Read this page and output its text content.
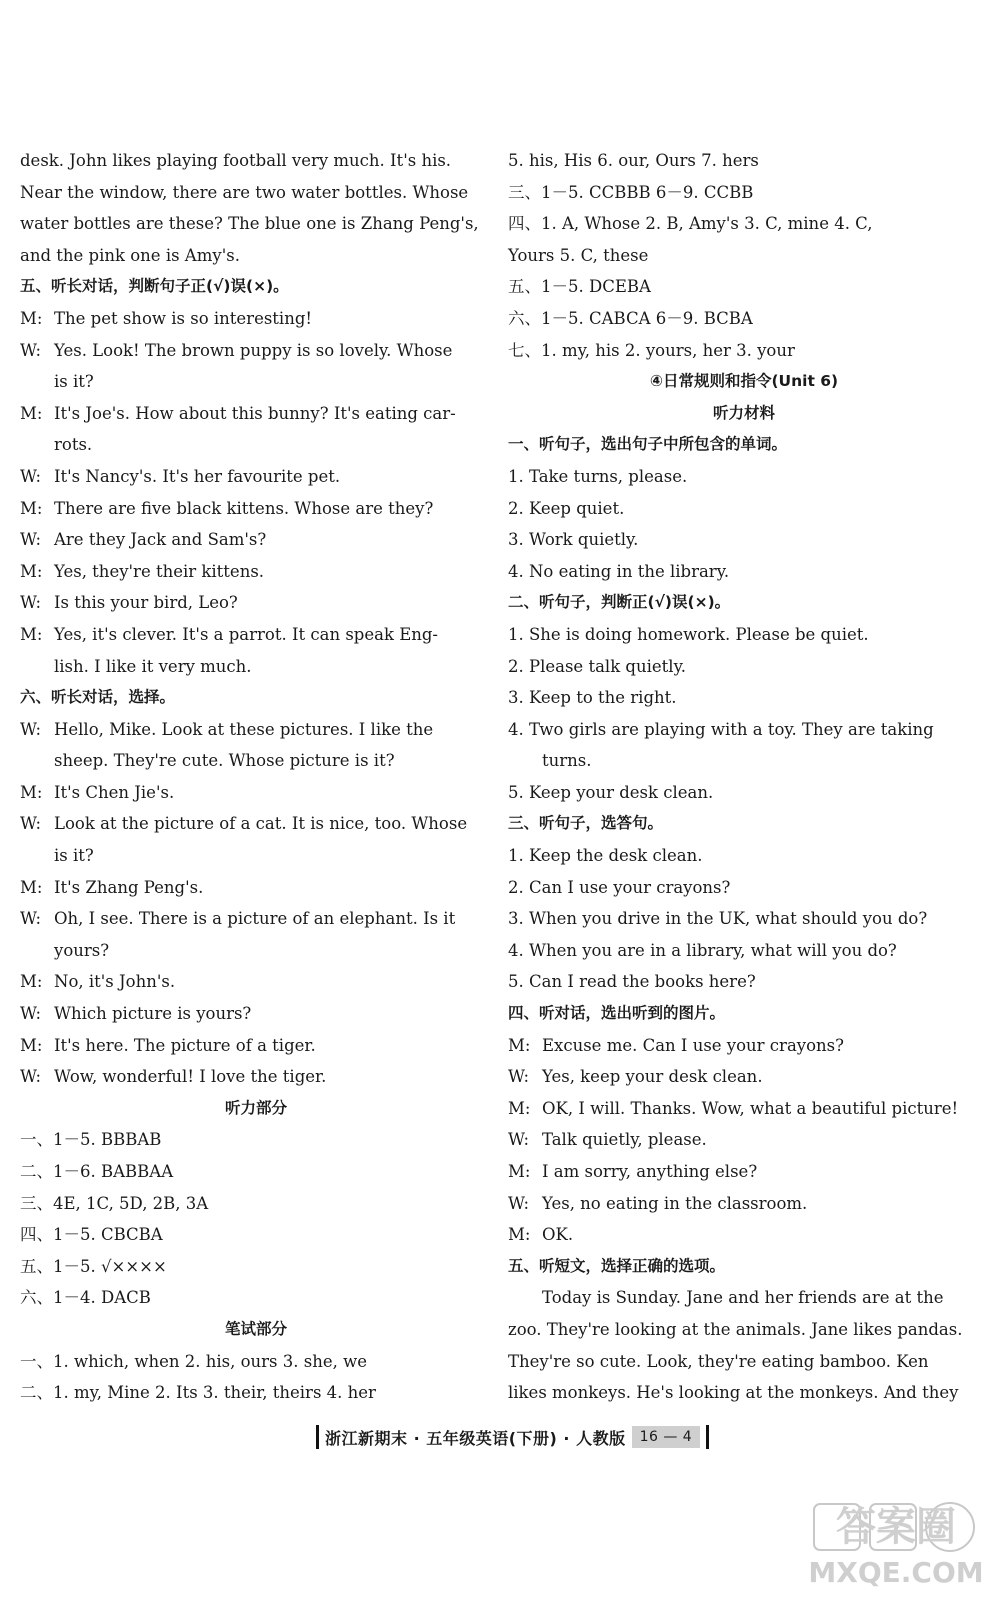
desk. John likes playing football very much. It's his.
Near the window, there are two water bottles. Whose
water bottles are these? The blue one is Zhang Peng's,
and the pink one is Amy's.
五、听长对话，判断句子正(√)误(×)。
M: The pet show is so interesting!
W: Yes. Look! The brown puppy is so lovely. Whose
is it?
M: It's Joe's. How about this bunny? It's eating car-
rots.
W: It's Nancy's. It's her favourite pet.
M: There are five black kittens. Whose are they?
W: Are they Jack and Sam's?
M: Yes, they're their kittens.
W: Is this your bird, Leo?
M: Yes, it's clever. It's a parrot. It can speak Eng-
lish. I like it very much.
六、听长对话，选择。
W: Hello, Mike. Look at these pictures. I like the
sheep. They're cute. Whose picture is it?
M: It's Chen Jie's.
W: Look at the picture of a cat. It is nice, too. Whose
is it?
M: It's Zhang Peng's.
W: Oh, I see. There is a picture of an elephant. Is it
yours?
M: No, it's John's.
W: Which picture is yours?
M: It's here. The picture of a tiger.
W: Wow, wonderful! I love the tiger.
听力部分
一、1－5. BBBAB
二、1－6. BABBAA
三、4E, 1C, 5D, 2B, 3A
四、1－5. CBCBA
五、1－5. √××××
六、1－4. DACB
笔试部分
一、1. which, when 2. his, ours 3. she, we
二、1. my, Mine 2. Its 3. their, theirs 4. her
5. his, His 6. our, Ours 7. hers
三、1－5. CCBBB 6－9. CCBB
四、1. A, Whose 2. B, Amy's 3. C, mine 4. C,
Yours 5. C, these
五、1－5. DCEBA
六、1－5. CABCA 6－9. BCBA
七、1. my, his 2. yours, her 3. your
④日常规则和指令(Unit 6)
听力材料
一、听句子，选出句子中所包含的单词。
1. Take turns, please.
2. Keep quiet.
3. Work quietly.
4. No eating in the library.
二、听句子，判断正(√)误(×)。
1. She is doing homework. Please be quiet.
2. Please talk quietly.
3. Keep to the right.
4. Two girls are playing with a toy. They are taking
turns.
5. Keep your desk clean.
三、听句子，选答句。
1. Keep the desk clean.
2. Can I use your crayons?
3. When you drive in the UK, what should you do?
4. When you are in a library, what will you do?
5. Can I read the books here?
四、听对话，选出听到的图片。
M: Excuse me. Can I use your crayons?
W: Yes, keep your desk clean.
M: OK, I will. Thanks. Wow, what a beautiful picture!
W: Talk quietly, please.
M: I am sorry, anything else?
W: Yes, no eating in the classroom.
M: OK.
五、听短文，选择正确的选项。
Today is Sunday. Jane and her friends are at the
zoo. They're looking at the animals. Jane likes pandas.
They're so cute. Look, they're eating bamboo. Ken
likes monkeys. He's looking at the monkeys. And they
浙江新期末 · 五年级英语(下册) · 人教版	16 — 4
答案圈
MXQE.COM
